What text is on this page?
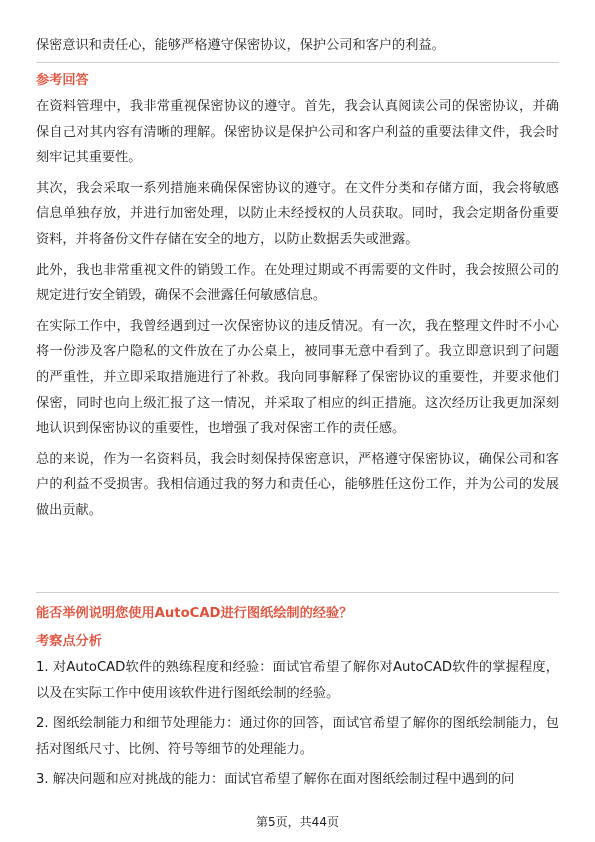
保密意识和责任心，能够严格遵守保密协议，保护公司和客户的利益。

参考回答

在资料管理中，我非常重视保密协议的遵守。首先，我会认真阅读公司的保密协议，并确保自己对其内容有清晰的理解。保密协议是保护公司和客户利益的重要法律文件，我会时刻牢记其重要性。

其次，我会采取一系列措施来确保保密协议的遵守。在文件分类和存储方面，我会将敏感信息单独存放，并进行加密处理，以防止未经授权的人员获取。同时，我会定期备份重要资料，并将备份文件存储在安全的地方，以防止数据丢失或泄露。

此外，我也非常重视文件的销毁工作。在处理过期或不再需要的文件时，我会按照公司的规定进行安全销毁，确保不会泄露任何敏感信息。

在实际工作中，我曾经遇到过一次保密协议的违反情况。有一次，我在整理文件时不小心将一份涉及客户隐私的文件放在了办公桌上，被同事无意中看到了。我立即意识到了问题的严重性，并立即采取措施进行了补救。我向同事解释了保密协议的重要性，并要求他们保密，同时也向上级汇报了这一情况，并采取了相应的纠正措施。这次经历让我更加深刻地认识到保密协议的重要性，也增强了我对保密工作的责任感。

总的来说，作为一名资料员，我会时刻保持保密意识，严格遵守保密协议，确保公司和客户的利益不受损害。我相信通过我的努力和责任心，能够胜任这份工作，并为公司的发展做出贡献。

能否举例说明您使用AutoCAD进行图纸绘制的经验？
考察点分析

1. 对AutoCAD软件的熟练程度和经验：面试官希望了解你对AutoCAD软件的掌握程度，以及在实际工作中使用该软件进行图纸绘制的经验。

2. 图纸绘制能力和细节处理能力：通过你的回答，面试官希望了解你的图纸绘制能力，包括对图纸尺寸、比例、符号等细节的处理能力。

3. 解决问题和应对挑战的能力：面试官希望了解你在面对图纸绘制过程中遇到的问

第5页，共44页
